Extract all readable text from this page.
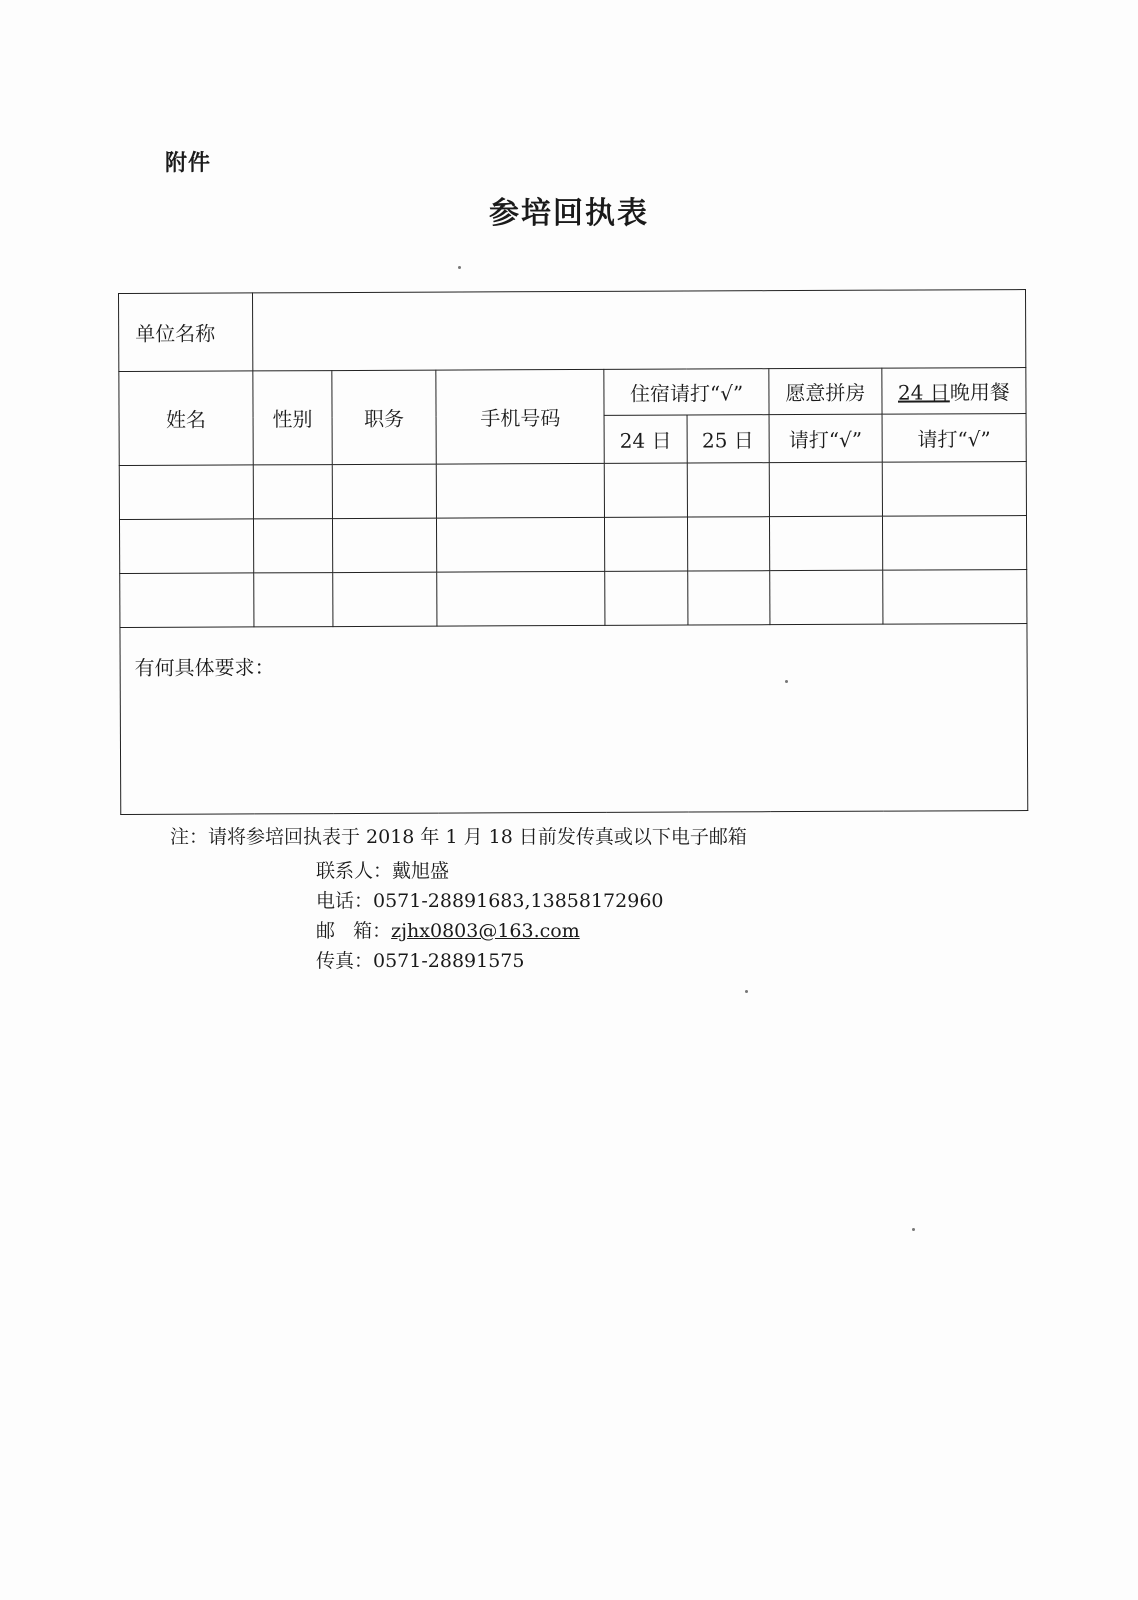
附件
参培回执表
单位名称							
姓名	性别	职务	手机号码	住宿请打“√”		愿意拼房	24 日晚用餐
				24 日	25 日	请打“√”	请打“√”

有何具体要求：							
注：请将参培回执表于 2018 年 1 月 18 日前发传真或以下电子邮箱
联系人：戴旭盛
电话：0571-28891683,13858172960
邮   箱：zjhx0803@163.com
传真：0571-28891575
